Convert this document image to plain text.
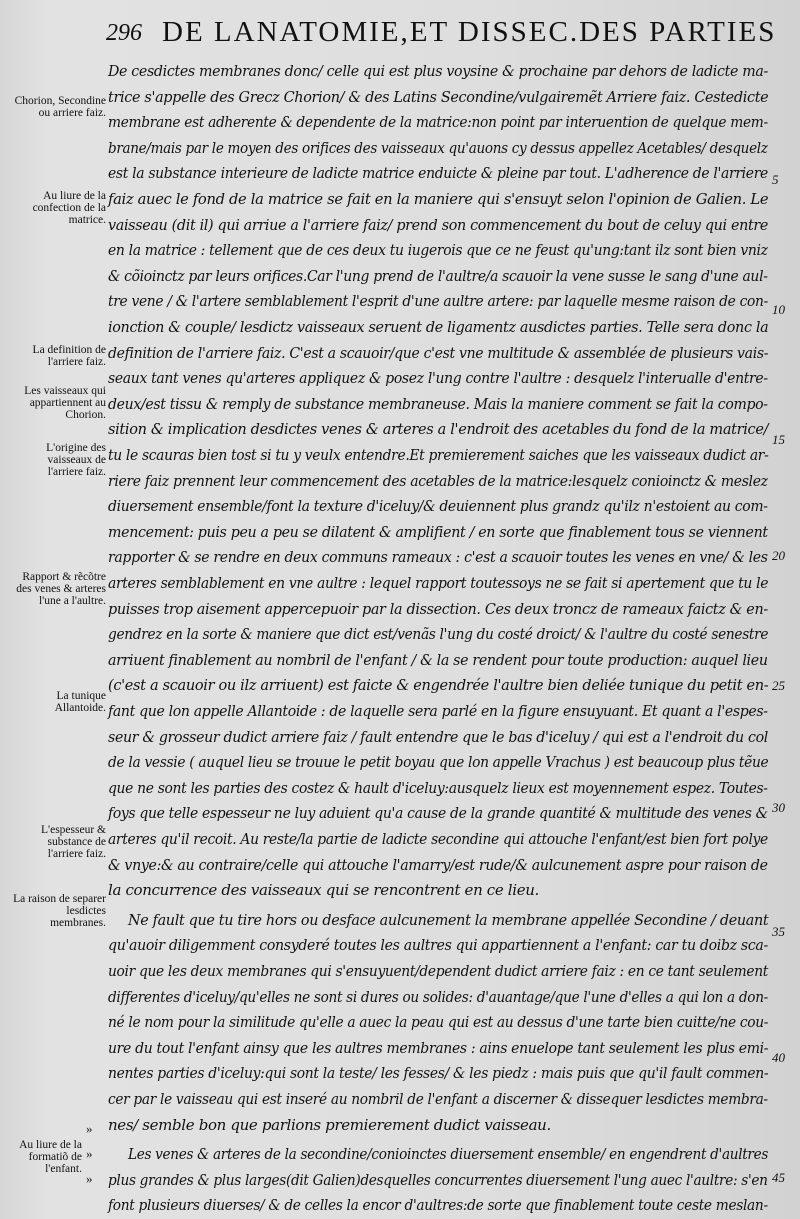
296 DE LANATOMIE,ET DISSEC.DES PARTIES
Chorion, Secondine ou arriere faiz.
Au liure de la confection de la matrice.
La definition de l'arriere faiz.
Les vaisseaux qui appartiennent au Chorion.
L'origine des vaisseaux de l'arriere faiz.
Rapport & rẽcõtre des venes & arteres l'une a l'aultre.
La tunique Allantoide.
L'espesseur & substance de l'arriere faiz.
La raison de separer lesdictes membranes.
Au liure de la formatiõ de l'enfant.
»
»
»
De cesdictes membranes donc/ celle qui est plus voysine & prochaine par dehors de ladicte ma-
trice s'appelle des Grecz Chorion/ & des Latins Secondine/vulgairemẽt Arriere faiz. Cestedicte
membrane est adherente & dependente de la matrice:non point par interuention de quelque mem-
brane/mais par le moyen des orifices des vaisseaux qu'auons cy dessus appellez Acetables/ desquelz
est la substance interieure de ladicte matrice enduicte & pleine par tout. L'adherence de l'arriere
faiz auec le fond de la matrice se fait en la maniere qui s'ensuyt selon l'opinion de Galien. Le
vaisseau (dit il) qui arriue a l'arriere faiz/ prend son commencement du bout de celuy qui entre
en la matrice : tellement que de ces deux tu iugerois que ce ne feust qu'ung:tant ilz sont bien vniz
& cõioinctz par leurs orifices.Car l'ung prend de l'aultre/a scauoir la vene susse le sang d'une aul-
tre vene / & l'artere semblablement l'esprit d'une aultre artere: par laquelle mesme raison de con-
ionction & couple/ lesdictz vaisseaux seruent de ligamentz ausdictes parties. Telle sera donc la
definition de l'arriere faiz. C'est a scauoir/que c'est vne multitude & assemblée de plusieurs vais-
seaux tant venes qu'arteres appliquez & posez l'ung contre l'aultre : desquelz l'interualle d'entre-
deux/est tissu & remply de substance membraneuse. Mais la maniere comment se fait la compo-
sition & implication desdictes venes & arteres a l'endroit des acetables du fond de la matrice/
tu le scauras bien tost si tu y veulx entendre.Et premierement saiches que les vaisseaux dudict ar-
riere faiz prennent leur commencement des acetables de la matrice:lesquelz conioinctz & meslez
diuersement ensemble/font la texture d'iceluy/& deuiennent plus grandz qu'ilz n'estoient au com-
mencement: puis peu a peu se dilatent & amplifient / en sorte que finablement tous se viennent
rapporter & se rendre en deux communs rameaux : c'est a scauoir toutes les venes en vne/ & les
arteres semblablement en vne aultre : lequel rapport toutessoys ne se fait si apertement que tu le
puisses trop aisement appercepuoir par la dissection. Ces deux troncz de rameaux faictz & en-
gendrez en la sorte & maniere que dict est/venãs l'ung du costé droict/ & l'aultre du costé senestre
arriuent finablement au nombril de l'enfant / & la se rendent pour toute production: auquel lieu
(c'est a scauoir ou ilz arriuent) est faicte & engendrée l'aultre bien deliée tunique du petit en-
fant que lon appelle Allantoide : de laquelle sera parlé en la figure ensuyuant. Et quant a l'espes-
seur & grosseur dudict arriere faiz / fault entendre que le bas d'iceluy / qui est a l'endroit du col
de la vessie ( auquel lieu se trouue le petit boyau que lon appelle Vrachus ) est beaucoup plus tẽue
que ne sont les parties des costez & hault d'iceluy:ausquelz lieux est moyennement espez. Toutes-
foys que telle espesseur ne luy aduient qu'a cause de la grande quantité & multitude des venes &
arteres qu'il recoit. Au reste/la partie de ladicte secondine qui attouche l'enfant/est bien fort polye
& vnye:& au contraire/celle qui attouche l'amarry/est rude/& aulcunement aspre pour raison de
la concurrence des vaisseaux qui se rencontrent en ce lieu.
Ne fault que tu tire hors ou desface aulcunement la membrane appellée Secondine / deuant
qu'auoir diligemment consyderé toutes les aultres qui appartiennent a l'enfant: car tu doibz sca-
uoir que les deux membranes qui s'ensuyuent/dependent dudict arriere faiz : en ce tant seulement
differentes d'iceluy/qu'elles ne sont si dures ou solides: d'auantage/que l'une d'elles a qui lon a don-
né le nom pour la similitude qu'elle a auec la peau qui est au dessus d'une tarte bien cuitte/ne cou-
ure du tout l'enfant ainsy que les aultres membranes : ains enuelope tant seulement les plus emi-
nentes parties d'iceluy:qui sont la teste/ les fesses/ & les piedz : mais puis que qu'il fault commen-
cer par le vaisseau qui est inseré au nombril de l'enfant a discerner & dissequer lesdictes membra-
nes/ semble bon que parlions premierement dudict vaisseau.
Les venes & arteres de la secondine/conioinctes diuersement ensemble/ en engendrent d'aultres
plus grandes & plus larges(dit Galien)desquelles concurrentes diuersement l'ung auec l'aultre: s'en
font plusieurs diuerses/ & de celles la encor d'aultres:de sorte que finablement toute ceste meslan-
5
10
15
20
25
30
35
40
45
